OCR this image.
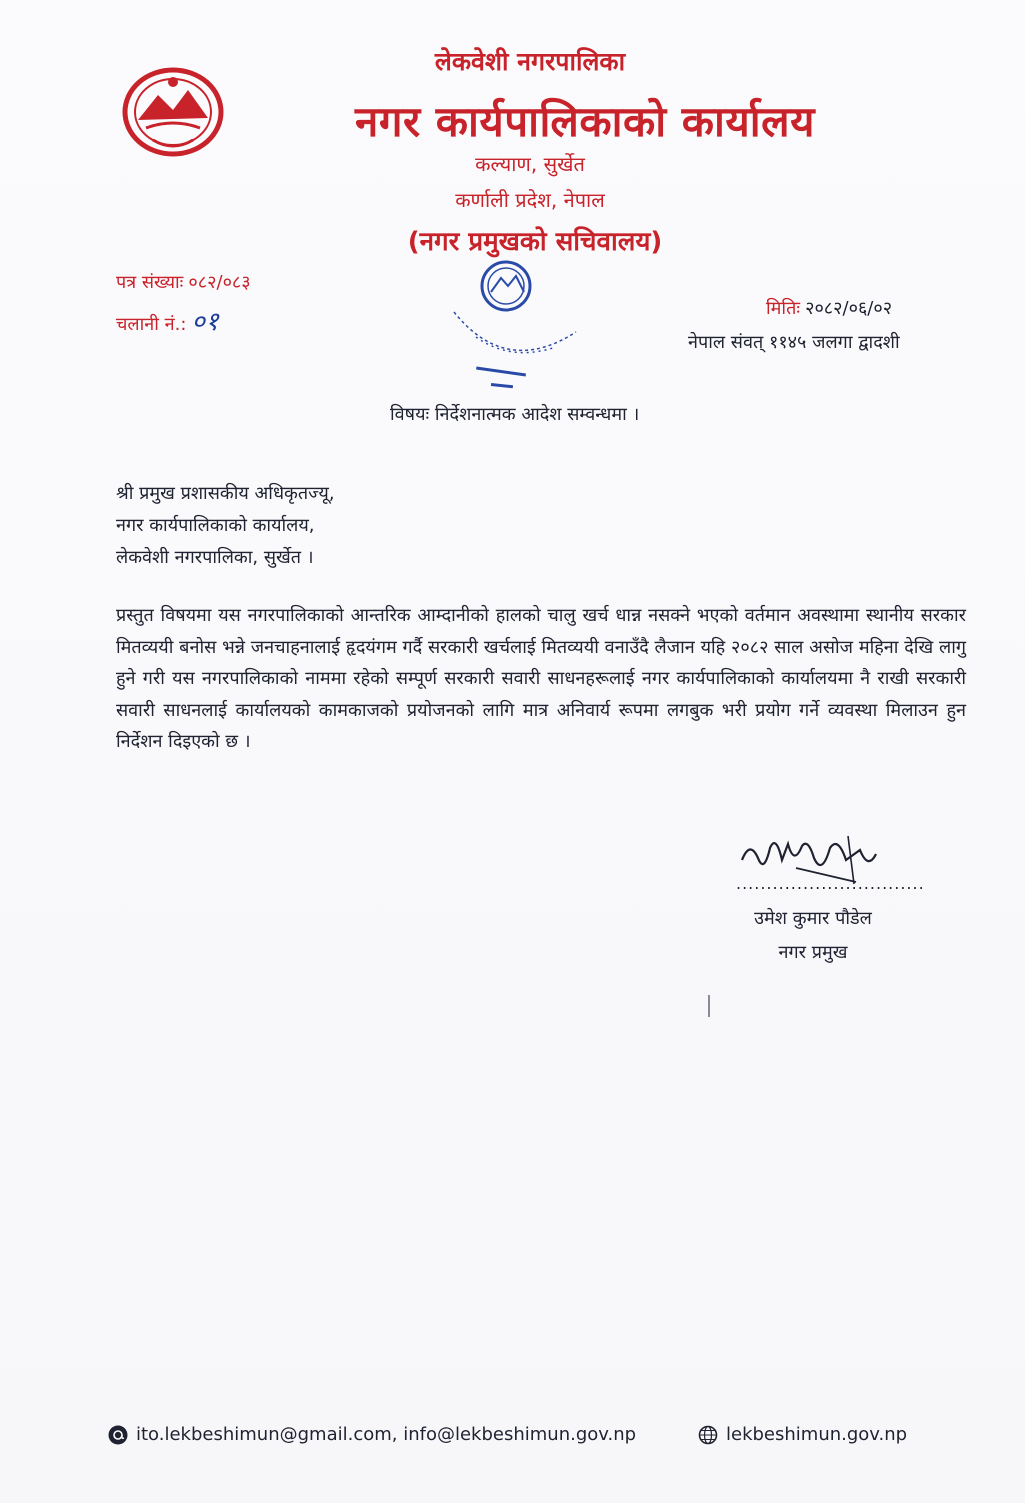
लेकवेशी नगरपालिका
नगर कार्यपालिकाको कार्यालय
कल्याण, सुर्खेत
कर्णाली प्रदेश, नेपाल
(नगर प्रमुखको सचिवालय)
पत्र संख्याः ०८२/०८३
चलानी नं.: ०१	मितिः २०८२/०६/०२
नेपाल संवत् ११४५ जलगा द्वादशी
विषयः निर्देशनात्मक आदेश सम्वन्धमा ।
श्री प्रमुख प्रशासकीय अधिकृतज्यू,
नगर कार्यपालिकाको कार्यालय,
लेकवेशी नगरपालिका, सुर्खेत ।
प्रस्तुत विषयमा यस नगरपालिकाको आन्तरिक आम्दानीको हालको चालु खर्च धान्न नसक्ने भएको वर्तमान अवस्थामा स्थानीय सरकार मितव्ययी बनोस भन्ने जनचाहनालाई हृदयंगम गर्दै सरकारी खर्चलाई मितव्ययी वनाउँदै लैजान यहि २०८२ साल असोज महिना देखि लागु हुने गरी यस नगरपालिकाको नाममा रहेको सम्पूर्ण सरकारी सवारी साधनहरूलाई नगर कार्यपालिकाको कार्यालयमा नै राखी सरकारी सवारी साधनलाई कार्यालयको कामकाजको प्रयोजनको लागि मात्र अनिवार्य रूपमा लगबुक भरी प्रयोग गर्ने व्यवस्था मिलाउन हुन निर्देशन दिइएको छ ।
...............................
उमेश कुमार पौडेल
नगर प्रमुख
ito.lekbeshimun@gmail.com, info@lekbeshimun.gov.np	lekbeshimun.gov.np
